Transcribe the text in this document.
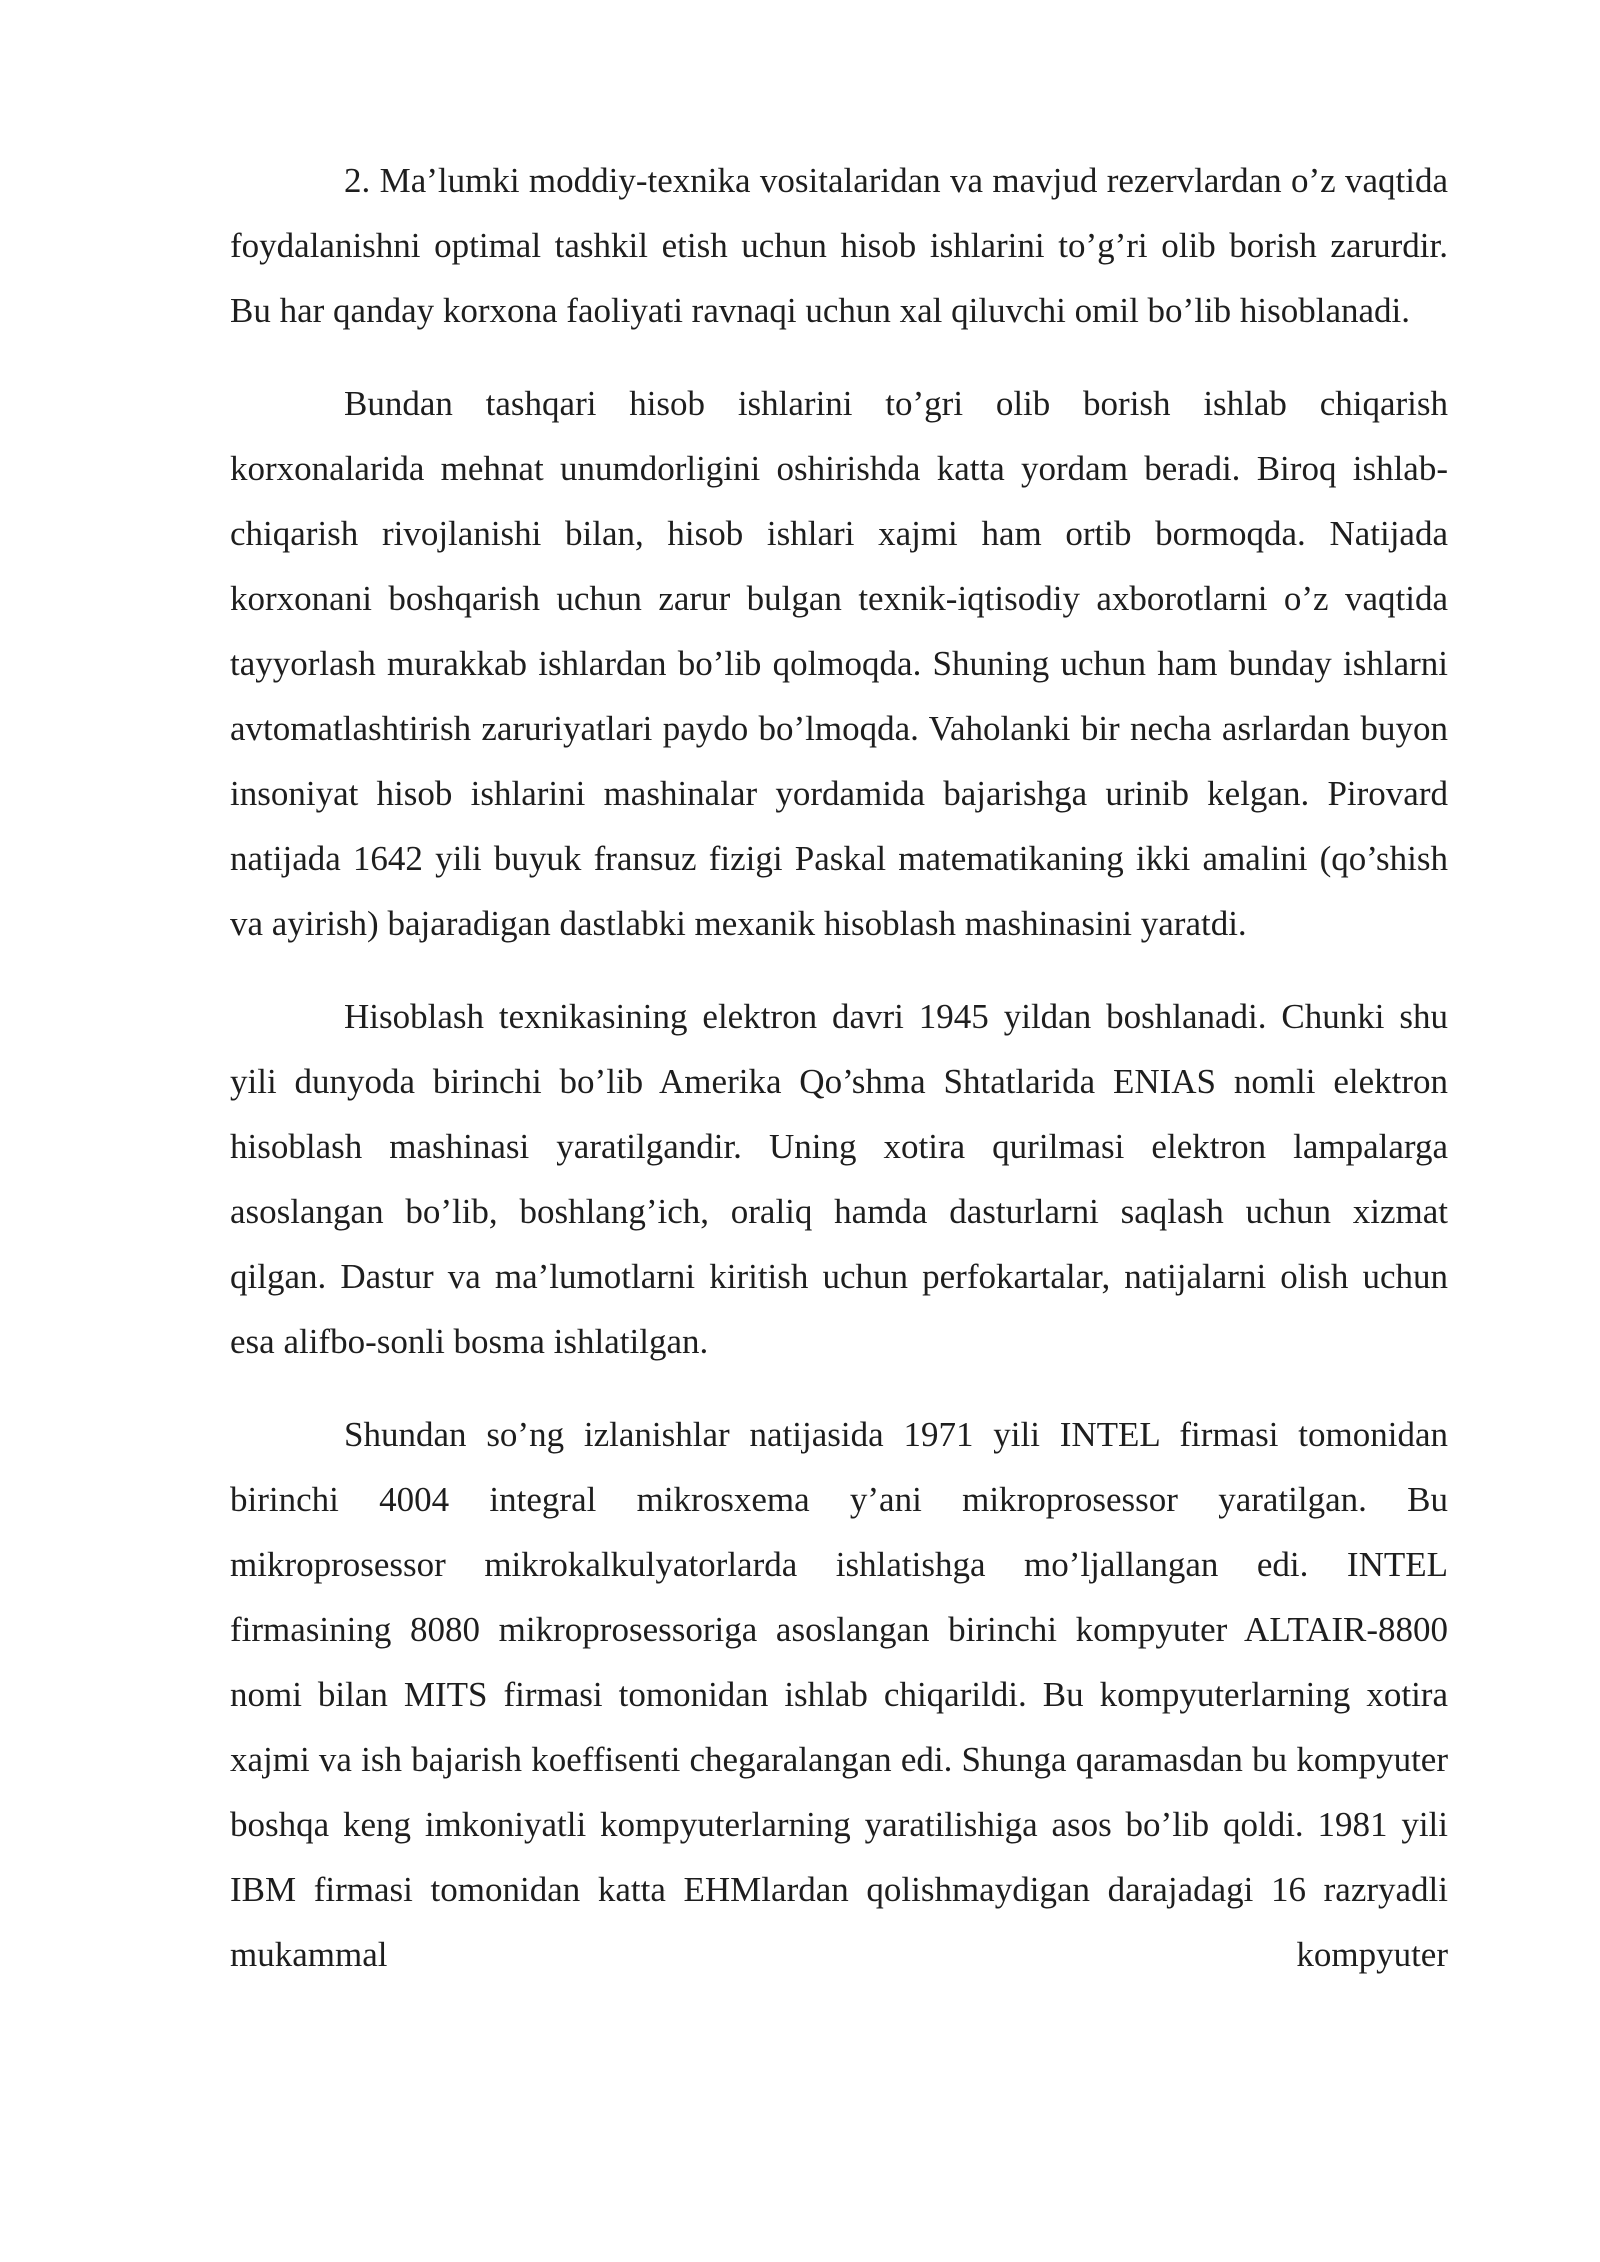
2. Ma’lumki moddiy-texnika vositalaridan va mavjud rezervlardan o’z vaqtida foydalanishni optimal tashkil etish uchun hisob ishlarini to’g’ri olib borish zarurdir. Bu har qanday korxona faoliyati ravnaqi uchun xal qiluvchi omil bo’lib hisoblanadi.

Bundan tashqari hisob ishlarini to’gri olib borish ishlab chiqarish korxonalarida mehnat unumdorligini oshirishda katta yordam beradi. Biroq ishlab-chiqarish rivojlanishi bilan, hisob ishlari xajmi ham ortib bormoqda. Natijada korxonani boshqarish uchun zarur bulgan texnik-iqtisodiy axborotlarni o’z vaqtida tayyorlash murakkab ishlardan bo’lib qolmoqda. Shuning uchun ham bunday ishlarni avtomatlashtirish zaruriyatlari paydo bo’lmoqda. Vaholanki bir necha asrlardan buyon insoniyat hisob ishlarini mashinalar yordamida bajarishga urinib kelgan. Pirovard natijada 1642 yili buyuk fransuz fizigi Paskal matematikaning ikki amalini (qo’shish va ayirish) bajaradigan dastlabki mexanik hisoblash mashinasini yaratdi.

Hisoblash texnikasining elektron davri 1945 yildan boshlanadi. Chunki shu yili dunyoda birinchi bo’lib Amerika Qo’shma Shtatlarida ENIAS nomli elektron hisoblash mashinasi yaratilgandir. Uning xotira qurilmasi elektron lampalarga asoslangan bo’lib, boshlang’ich, oraliq hamda dasturlarni saqlash uchun xizmat qilgan. Dastur va ma’lumotlarni kiritish uchun perfokartalar, natijalarni olish uchun esa alifbo-sonli bosma ishlatilgan.

Shundan so’ng izlanishlar natijasida 1971 yili INTEL firmasi tomonidan birinchi 4004 integral mikrosxema y’ani mikroprosessor yaratilgan. Bu mikroprosessor mikrokalkulyatorlarda ishlatishga mo’ljallangan edi. INTEL firmasining 8080 mikroprosessoriga asoslangan birinchi kompyuter ALTAIR-8800 nomi bilan MITS firmasi tomonidan ishlab chiqarildi. Bu kompyuterlarning xotira xajmi va ish bajarish koeffisenti chegaralangan edi. Shunga qaramasdan bu kompyuter boshqa keng imkoniyatli kompyuterlarning yaratilishiga asos bo’lib qoldi. 1981 yili IBM firmasi tomonidan katta EHMlardan qolishmaydigan darajadagi 16 razryadli mukammal kompyuter
